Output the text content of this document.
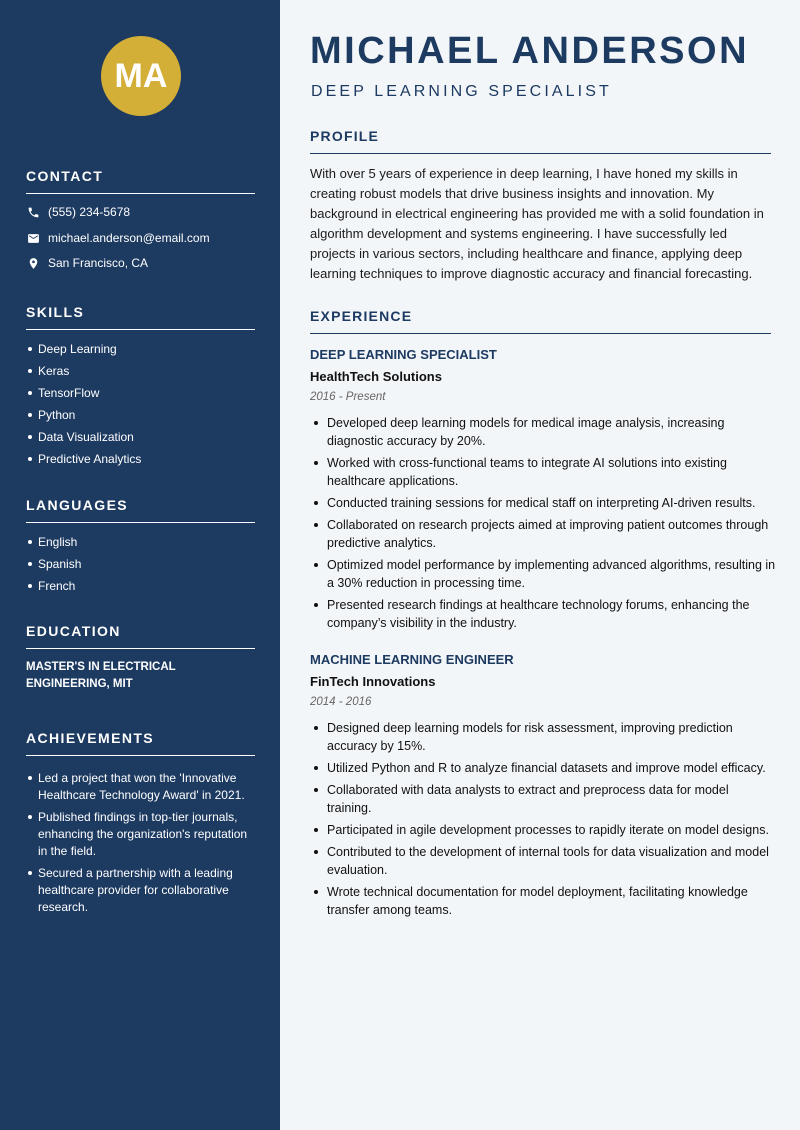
MA
CONTACT
(555) 234-5678
michael.anderson@email.com
San Francisco, CA
SKILLS
Deep Learning
Keras
TensorFlow
Python
Data Visualization
Predictive Analytics
LANGUAGES
English
Spanish
French
EDUCATION
MASTER'S IN ELECTRICAL ENGINEERING, MIT
ACHIEVEMENTS
Led a project that won the 'Innovative Healthcare Technology Award' in 2021.
Published findings in top-tier journals, enhancing the organization's reputation in the field.
Secured a partnership with a leading healthcare provider for collaborative research.
MICHAEL ANDERSON
DEEP LEARNING SPECIALIST
PROFILE
With over 5 years of experience in deep learning, I have honed my skills in creating robust models that drive business insights and innovation. My background in electrical engineering has provided me with a solid foundation in algorithm development and systems engineering. I have successfully led projects in various sectors, including healthcare and finance, applying deep learning techniques to improve diagnostic accuracy and financial forecasting.
EXPERIENCE
DEEP LEARNING SPECIALIST
HealthTech Solutions
2016 - Present
Developed deep learning models for medical image analysis, increasing diagnostic accuracy by 20%.
Worked with cross-functional teams to integrate AI solutions into existing healthcare applications.
Conducted training sessions for medical staff on interpreting AI-driven results.
Collaborated on research projects aimed at improving patient outcomes through predictive analytics.
Optimized model performance by implementing advanced algorithms, resulting in a 30% reduction in processing time.
Presented research findings at healthcare technology forums, enhancing the company’s visibility in the industry.
MACHINE LEARNING ENGINEER
FinTech Innovations
2014 - 2016
Designed deep learning models for risk assessment, improving prediction accuracy by 15%.
Utilized Python and R to analyze financial datasets and improve model efficacy.
Collaborated with data analysts to extract and preprocess data for model training.
Participated in agile development processes to rapidly iterate on model designs.
Contributed to the development of internal tools for data visualization and model evaluation.
Wrote technical documentation for model deployment, facilitating knowledge transfer among teams.
